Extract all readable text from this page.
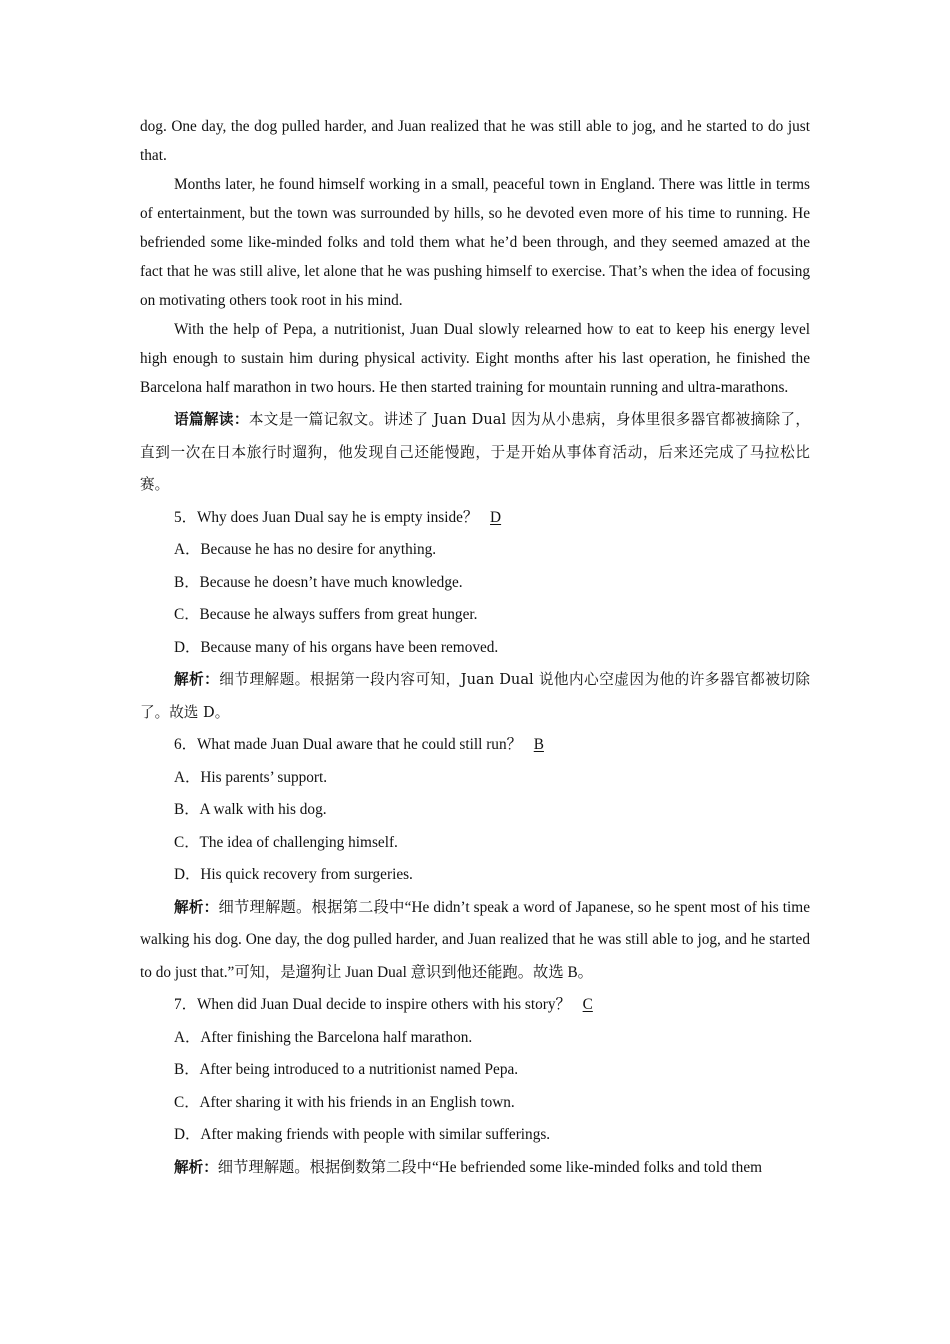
dog. One day, the dog pulled harder, and Juan realized that he was still able to jog, and he started to do just that.

Months later, he found himself working in a small, peaceful town in England. There was little in terms of entertainment, but the town was surrounded by hills, so he devoted even more of his time to running. He befriended some like-minded folks and told them what he’d been through, and they seemed amazed at the fact that he was still alive, let alone that he was pushing himself to exercise. That’s when the idea of focusing on motivating others took root in his mind.

With the help of Pepa, a nutritionist, Juan Dual slowly relearned how to eat to keep his energy level high enough to sustain him during physical activity. Eight months after his last operation, he finished the Barcelona half marathon in two hours. He then started training for mountain running and ultra-marathons.

语篇解读：本文是一篇记叙文。讲述了 Juan Dual 因为从小患病，身体里很多器官都被摘除了，直到一次在日本旅行时遛狗，他发现自己还能慢跑，于是开始从事体育活动，后来还完成了马拉松比赛。

5．Why does Juan Dual say he is empty inside？ D

A．Because he has no desire for anything.

B．Because he doesn’t have much knowledge.

C．Because he always suffers from great hunger.

D．Because many of his organs have been removed.

解析：细节理解题。根据第一段内容可知，Juan Dual 说他内心空虚因为他的许多器官都被切除了。故选 D。

6．What made Juan Dual aware that he could still run？ B

A．His parents’ support.

B．A walk with his dog.

C．The idea of challenging himself.

D．His quick recovery from surgeries.

解析：细节理解题。根据第二段中“He didn’t speak a word of Japanese, so he spent most of his time walking his dog. One day, the dog pulled harder, and Juan realized that he was still able to jog, and he started to do just that.”可知，是遛狗让 Juan Dual 意识到他还能跑。故选 B。

7．When did Juan Dual decide to inspire others with his story？ C

A．After finishing the Barcelona half marathon.

B．After being introduced to a nutritionist named Pepa.

C．After sharing it with his friends in an English town.

D．After making friends with people with similar sufferings.

解析：细节理解题。根据倒数第二段中“He befriended some like-minded folks and told them
